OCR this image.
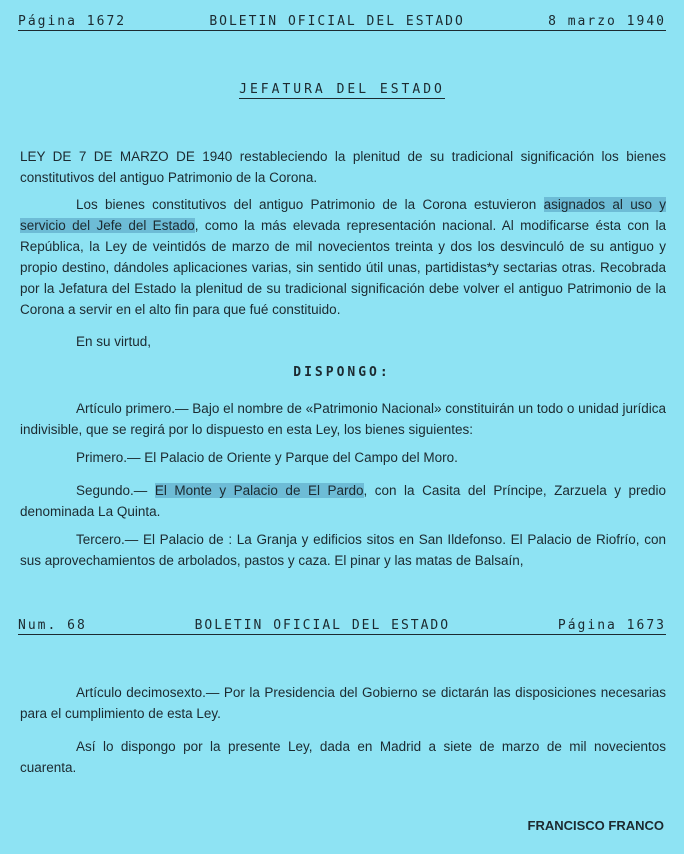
Página 1672	BOLETIN OFICIAL DEL ESTADO	8 marzo 1940
JEFATURA DEL ESTADO
LEY DE 7 DE MARZO DE 1940 restableciendo la plenitud de su tradicional significación los bienes constitutivos del antiguo Patrimonio de la Corona.
Los bienes constitutivos del antiguo Patrimonio de la Corona estuvieron asignados al uso y servicio del Jefe del Estado, como la más elevada representación nacional. Al modificarse ésta con la República, la Ley de veintidós de marzo de mil novecientos treinta y dos los desvinculó de su antiguo y propio destino, dándoles aplicaciones varias, sin sentido útil unas, partidistas*y sectarias otras. Recobrada por la Jefatura del Estado la plenitud de su tradicional significación debe volver el antiguo Patrimonio de la Corona a servir en el alto fin para que fué constituido.
En su virtud,
DISPONGO:
Artículo primero.— Bajo el nombre de «Patrimonio Nacional» constituirán un todo o unidad jurídica indivisible, que se regirá por lo dispuesto en esta Ley, los bienes siguientes:
Primero.— El Palacio de Oriente y Parque del Campo del Moro.
Segundo.— El Monte y Palacio de El Pardo, con la Casita del Príncipe, Zarzuela y predio denominada La Quinta.
Tercero.— El Palacio de : La Granja y edificios sitos en San Ildefonso. El Palacio de Riofrío, con sus aprovechamientos de arbolados, pastos y caza. El pinar y las matas de Balsaín,
Num. 68	BOLETIN OFICIAL DEL ESTADO	Página 1673
Artículo decimosexto.— Por la Presidencia del Gobierno se dictarán las disposiciones necesarias para el cumplimiento de esta Ley.
Así lo dispongo por la presente Ley, dada en Madrid a siete de marzo de mil novecientos cuarenta.
FRANCISCO FRANCO
